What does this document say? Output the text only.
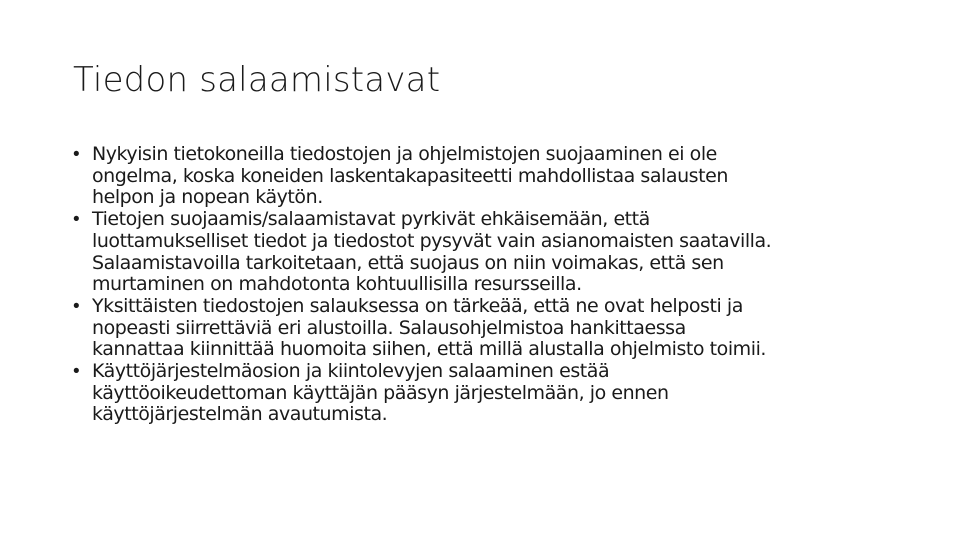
Tiedon salaamistavat
• Nykyisin tietokoneilla tiedostojen ja ohjelmistojen suojaaminen ei ole
ongelma, koska koneiden laskentakapasiteetti mahdollistaa salausten
helpon ja nopean käytön.
• Tietojen suojaamis/salaamistavat pyrkivät ehkäisemään, että
luottamukselliset tiedot ja tiedostot pysyvät vain asianomaisten saatavilla.
Salaamistavoilla tarkoitetaan, että suojaus on niin voimakas, että sen
murtaminen on mahdotonta kohtuullisilla resursseilla.
• Yksittäisten tiedostojen salauksessa on tärkeää, että ne ovat helposti ja
nopeasti siirrettäviä eri alustoilla. Salausohjelmistoa hankittaessa
kannattaa kiinnittää huomoita siihen, että millä alustalla ohjelmisto toimii.
• Käyttöjärjestelmäosion ja kiintolevyjen salaaminen estää
käyttöoikeudettoman käyttäjän pääsyn järjestelmään, jo ennen
käyttöjärjestelmän avautumista.
